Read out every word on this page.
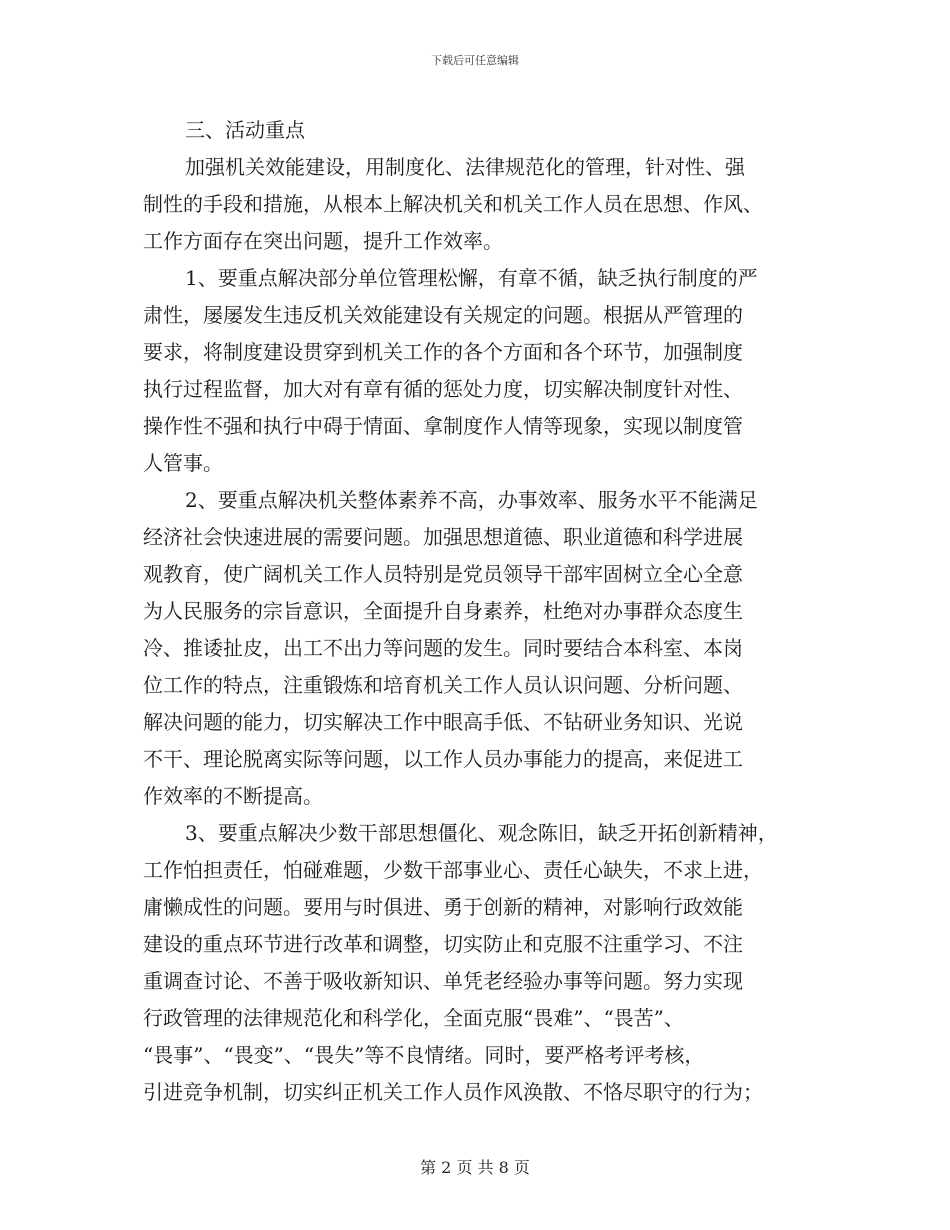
下载后可任意编辑
三、活动重点
加强机关效能建设，用制度化、法律规范化的管理，针对性、强
制性的手段和措施，从根本上解决机关和机关工作人员在思想、作风、
工作方面存在突出问题，提升工作效率。
1、要重点解决部分单位管理松懈，有章不循，缺乏执行制度的严
肃性，屡屡发生违反机关效能建设有关规定的问题。根据从严管理的
要求，将制度建设贯穿到机关工作的各个方面和各个环节，加强制度
执行过程监督，加大对有章有循的惩处力度，切实解决制度针对性、
操作性不强和执行中碍于情面、拿制度作人情等现象，实现以制度管
人管事。
2、要重点解决机关整体素养不高，办事效率、服务水平不能满足
经济社会快速进展的需要问题。加强思想道德、职业道德和科学进展
观教育，使广阔机关工作人员特别是党员领导干部牢固树立全心全意
为人民服务的宗旨意识，全面提升自身素养，杜绝对办事群众态度生
冷、推诿扯皮，出工不出力等问题的发生。同时要结合本科室、本岗
位工作的特点，注重锻炼和培育机关工作人员认识问题、分析问题、
解决问题的能力，切实解决工作中眼高手低、不钻研业务知识、光说
不干、理论脱离实际等问题，以工作人员办事能力的提高，来促进工
作效率的不断提高。
3、要重点解决少数干部思想僵化、观念陈旧，缺乏开拓创新精神，
工作怕担责任，怕碰难题，少数干部事业心、责任心缺失，不求上进，
庸懒成性的问题。要用与时俱进、勇于创新的精神，对影响行政效能
建设的重点环节进行改革和调整，切实防止和克服不注重学习、不注
重调查讨论、不善于吸收新知识、单凭老经验办事等问题。努力实现
行政管理的法律规范化和科学化，全面克服“畏难”、“畏苦”、
“畏事”、“畏变”、“畏失”等不良情绪。同时，要严格考评考核，
引进竞争机制，切实纠正机关工作人员作风涣散、不恪尽职守的行为；
第 2 页 共 8 页
